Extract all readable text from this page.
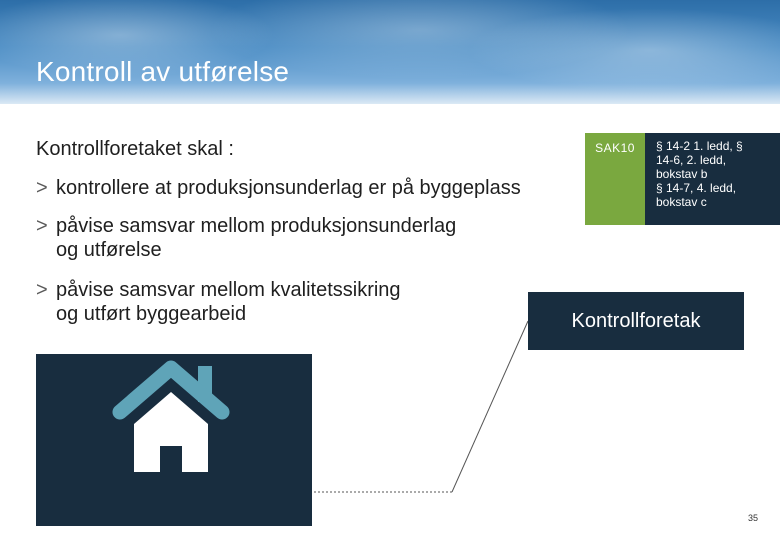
Kontroll av utførelse
Kontrollforetaket skal :
> kontrollere at produksjonsunderlag er på byggeplass
> påvise samsvar mellom produksjonsunderlag
og utførelse
> påvise samsvar mellom kvalitetssikring
og utført byggearbeid
SAK10	§ 14-2 1. ledd, §
14-6, 2. ledd,
bokstav b
§ 14-7, 4. ledd,
bokstav c
Kontrollforetak
35
